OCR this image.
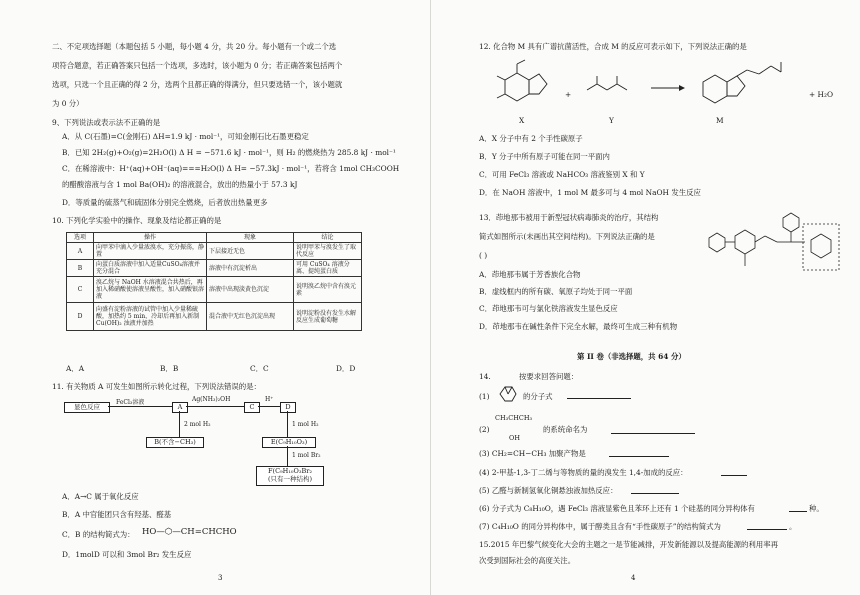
二、不定项选择题（本题包括 5 小题，每小题 4 分，共 20 分。每小题有一个或二个选
项符合题意，若正确答案只包括一个选项，多选时，该小题为 0 分；若正确答案包括两个
选项，只选一个且正确的得 2 分，选两个且都正确的得满分，但只要选错一个，该小题就
为 0 分）
9、下列说法或表示法不正确的是
A．从 C(石墨)=C(金刚石) ΔH=1.9 kJ · mol⁻¹，可知金刚石比石墨更稳定
B．已知 2H₂(g)+O₂(g)=2H₂O(l) Δ H = −571.6 kJ · mol⁻¹，则 H₂ 的燃烧热为 285.8 kJ · mol⁻¹
C．在稀溶液中：H⁺(aq)+OH⁻(aq)===H₂O(l) Δ H= −57.3kJ · mol⁻¹，若将含 1mol CH₃COOH
的醋酸溶液与含 1 mol Ba(OH)₂ 的溶液混合，放出的热量小于 57.3 kJ
D．等质量的硫蒸气和硫固体分别完全燃烧，后者放出热量更多
10. 下列化学实验中的操作、现象及结论都正确的是
选项	操作	现象	结论
A	向甲苯中滴入少量浓溴水，充分振荡，静置	下层接近无色	说明甲苯与溴发生了取代反应
B	向蛋白质溶液中加入适量CuSO₄溶液并充分混合	溶液中有沉淀析出	可用 CuSO₄ 溶液分离、提纯蛋白质
C	溴乙烷与 NaOH 水溶液混合共热后，再加入稀硝酸使溶液呈酸性，加入硝酸银溶液	溶液中出现淡黄色沉淀	说明溴乙烷中含有溴元素
D	向盛有淀粉溶液的试管中加入少量稀硫酸，加热约 5 min，冷却后再加入新制 Cu(OH)₂ 浊液并加热	混合液中无红色沉淀出现	说明淀粉没有发生水解反应生成葡萄糖
A．A	B．B	C．C	D．D
11. 有关物质 A 可发生如图所示转化过程，下列说法错误的是：
显色反应
FeCl₃溶液
A
Ag(NH₃)₂OH
C
H⁺
D
2 mol H₂
B(不含−CH₃)
1 mol H₂
E(C₉H₁₀O₃)
1 mol Br₂
F(C₉H₁₀O₃Br₂
(只有一种结构)
A．A→C 属于氧化反应
B．A 中官能团只含有羟基、醛基
C．B 的结构简式为： HO—⬡—CH=CHCHO
D．1molD 可以和 3mol Br₂ 发生反应
3
12. 化合物 M 具有广谱抗菌活性，合成 M 的反应可表示如下，下列说法正确的是
X
+
Y	M
+ H₂O
A．X 分子中有 2 个手性碳原子
B．Y 分子中所有原子可能在同一平面内
C．可用 FeCl₃ 溶液或 NaHCO₃ 溶液鉴别 X 和 Y
D．在 NaOH 溶液中，1 mol M 最多可与 4 mol NaOH 发生反应
13．茚地那韦被用于新型冠状病毒肺炎的治疗，其结构
简式如图所示(未画出其空间结构)。下列说法正确的是
( )
A．茚地那韦属于芳香族化合物
B．虚线框内的所有碳、氧原子均处于同一平面
C．茚地那韦可与氯化铁溶液发生显色反应
D．茚地那韦在碱性条件下完全水解，最终可生成三种有机物
第 II 卷（非选择题，共 64 分）
14.	按要求回答问题：
(1)	的分子式
CH₃CHCH₃
(2)
OH
的系统命名为
(3) CH₂=CH−CH₃ 加聚产物是
(4) 2-甲基-1,3-丁二烯与等物质的量的溴发生 1,4-加成的反应：
(5) 乙醛与新制氢氧化铜悬浊液加热反应：
(6) 分子式为 C₈H₁₀O，遇 FeCl₃ 溶液显紫色且苯环上还有 1 个硅基的同分异构体有	种。
(7) C₄H₁₀O 的同分异构体中，属于醇类且含有“手性碳原子”的结构简式为	。
15.2015 年巴黎气候变化大会的主题之一是节能减排，开发新能源以及提高能源的利用率再
次受到国际社会的高度关注。
4
